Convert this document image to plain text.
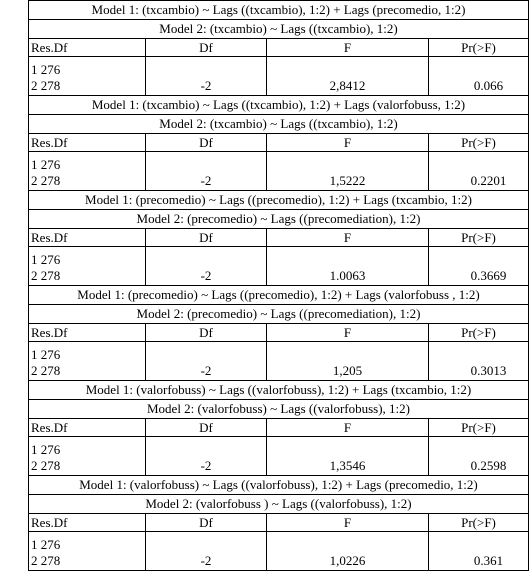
Model 1: (txcambio) ~ Lags ((txcambio), 1:2) + Lags (precomedio, 1:2)			
Model 2: (txcambio) ~ Lags ((txcambio), 1:2)			
Res.Df	Df	F	Pr(>F)
1 276			
2 278	-2	2,8412	0.066
Model 1: (txcambio) ~ Lags ((txcambio), 1:2) + Lags (valorfobuss, 1:2)			
Model 2: (txcambio) ~ Lags ((txcambio), 1:2)			
Res.Df	Df	F	Pr(>F)
1 276			
2 278	-2	1,5222	0.2201
Model 1: (precomedio) ~ Lags ((precomedio), 1:2) + Lags (txcambio, 1:2)			
Model 2: (precomedio) ~ Lags ((precomediation), 1:2)			
Res.Df	Df	F	Pr(>F)
1 276			
2 278	-2	1.0063	0.3669
Model 1: (precomedio) ~ Lags ((precomedio), 1:2) + Lags (valorfobuss , 1:2)			
Model 2: (precomedio) ~ Lags ((precomediation), 1:2)			
Res.Df	Df	F	Pr(>F)
1 276			
2 278	-2	1,205	0.3013
Model 1: (valorfobuss) ~ Lags ((valorfobuss), 1:2) + Lags (txcambio, 1:2)			
Model 2: (valorfobuss) ~ Lags ((valorfobuss), 1:2)			
Res.Df	Df	F	Pr(>F)
1 276			
2 278	-2	1,3546	0.2598
Model 1: (valorfobuss) ~ Lags ((valorfobuss), 1:2) + Lags (precomedio, 1:2)			
Model 2: (valorfobuss ) ~ Lags ((valorfobuss), 1:2)			
Res.Df	Df	F	Pr(>F)
1 276			
2 278	-2	1,0226	0.361
